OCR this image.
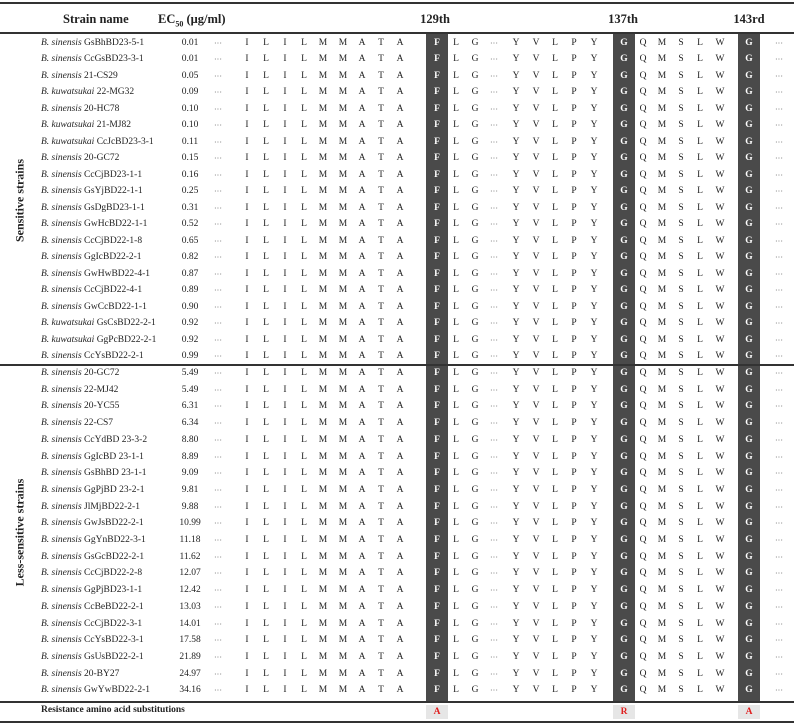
Strain name $EC_{50}$ (μg/ml)	129th	137th	143rd
B. sinensis GsBhBD23-5-1	0.01	··· I L I L M M A T A	F L G ··· Y V L P Y G Q M S L W G	···
B. sinensis CcGsBD23-3-1	0.01	··· I L I L M M A T A	F L G ··· Y V L P Y G Q M S L W G	···
B. sinensis 21-CS29	0.05	··· I L I L M M A T A	F L G ··· Y V L P Y G Q M S L W G	···
B. kuwatsukai 22-MG32	0.09	··· I L I L M M A T A	F L G ··· Y V L P Y G Q M S L W G	···
B. sinensis 20-HC78	0.10	··· I L I L M M A T A	F L G ··· Y V L P Y G Q M S L W G	···
B. kuwatsukai 21-MJ82	0.10	··· I L I L M M A T A	F L G ··· Y V L P Y G Q M S L W G	···
B. kuwatsukai CcJcBD23-3-1	0.11	··· I L I L M M A T A	F L G ··· Y V L P Y G Q M S L W G	···
B. sinensis 20-GC72	0.15	··· I L I L M M A T A	F L G ··· Y V L P Y G Q M S L W G	···
B. sinensis CcCjBD23-1-1	0.16	··· I L I L M M A T A	F L G ··· Y V L P Y G Q M S L W G	···
B. sinensis GsYjBD22-1-1	0.25	··· I L I L M M A T A	F L G ··· Y V L P Y G Q M S L W G	···
B. sinensis GsDgBD23-1-1	0.31	··· I L I L M M A T A	F L G ··· Y V L P Y G Q M S L W G	···
B. sinensis GwHcBD22-1-1	0.52	··· I L I L M M A T A	F L G ··· Y V L P Y G Q M S L W G	···
B. sinensis CcCjBD22-1-8	0.65	··· I L I L M M A T A	F L G ··· Y V L P Y G Q M S L W G	···
B. sinensis GgIcBD22-2-1	0.82	··· I L I L M M A T A	F L G ··· Y V L P Y G Q M S L W G	···
B. sinensis GwHwBD22-4-1	0.87	··· I L I L M M A T A	F L G ··· Y V L P Y G Q M S L W G	···
B. sinensis CcCjBD22-4-1	0.89	··· I L I L M M A T A	F L G ··· Y V L P Y G Q M S L W G	···
B. sinensis GwCcBD22-1-1	0.90	··· I L I L M M A T A	F L G ··· Y V L P Y G Q M S L W G	···
B. kuwatsukai GsCsBD22-2-1	0.92	··· I L I L M M A T A	F L G ··· Y V L P Y G Q M S L W G	···
B. kuwatsukai GgPcBD22-2-1	0.92	··· I L I L M M A T A	F L G ··· Y V L P Y G Q M S L W G	···
B. sinensis CcYsBD22-2-1	0.99	··· I L I L M M A T A	F L G ··· Y V L P Y G Q M S L W G	···
B. sinensis 20-GC72	5.49	··· I L I L M M A T A	F L G ··· Y V L P Y G Q M S L W G	···
B. sinensis 22-MJ42	5.49	··· I L I L M M A T A	F L G ··· Y V L P Y G Q M S L W G	···
B. sinensis 20-YC55	6.31	··· I L I L M M A T A	F L G ··· Y V L P Y G Q M S L W G	···
B. sinensis 22-CS7	6.34	··· I L I L M M A T A	F L G ··· Y V L P Y G Q M S L W G	···
B. sinensis CcYdBD 23-3-2	8.80	··· I L I L M M A T A	F L G ··· Y V L P Y G Q M S L W G	···
B. sinensis GgIcBD 23-1-1	8.89	··· I L I L M M A T A	F L G ··· Y V L P Y G Q M S L W G	···
B. sinensis GsBhBD 23-1-1	9.09	··· I L I L M M A T A	F L G ··· Y V L P Y G Q M S L W G	···
B. sinensis GgPjBD 23-2-1	9.81	··· I L I L M M A T A	F L G ··· Y V L P Y G Q M S L W G	···
B. sinensis JlMjBD22-2-1	9.88	··· I L I L M M A T A	F L G ··· Y V L P Y G Q M S L W G	···
B. sinensis GwJsBD22-2-1	10.99	··· I L I L M M A T A	F L G ··· Y V L P Y G Q M S L W G	···
B. sinensis GgYnBD22-3-1	11.18	··· I L I L M M A T A	F L G ··· Y V L P Y G Q M S L W G	···
B. sinensis GsGcBD22-2-1	11.62	··· I L I L M M A T A	F L G ··· Y V L P Y G Q M S L W G	···
B. sinensis CcCjBD22-2-8	12.07	··· I L I L M M A T A	F L G ··· Y V L P Y G Q M S L W G	···
B. sinensis GgPjBD23-1-1	12.42	··· I L I L M M A T A	F L G ··· Y V L P Y G Q M S L W G	···
B. sinensis CcBeBD22-2-1	13.03	··· I L I L M M A T A	F L G ··· Y V L P Y G Q M S L W G	···
B. sinensis CcCjBD22-3-1	14.01	··· I L I L M M A T A	F L G ··· Y V L P Y G Q M S L W G	···
B. sinensis CcYsBD22-3-1	17.58	··· I L I L M M A T A	F L G ··· Y V L P Y G Q M S L W G	···
B. sinensis GsUsBD22-2-1	21.89	··· I L I L M M A T A	F L G ··· Y V L P Y G Q M S L W G	···
B. sinensis 20-BY27	24.97	··· I L I L M M A T A	F L G ··· Y V L P Y G Q M S L W G	···
B. sinensis GwYwBD22-2-1	34.16	··· I L I L M M A T A	F L G ··· Y V L P Y G Q M S L W G	···
Sensitive strains
Less-sensitive strains
Resistance amino acid substitutions	A	R	A
